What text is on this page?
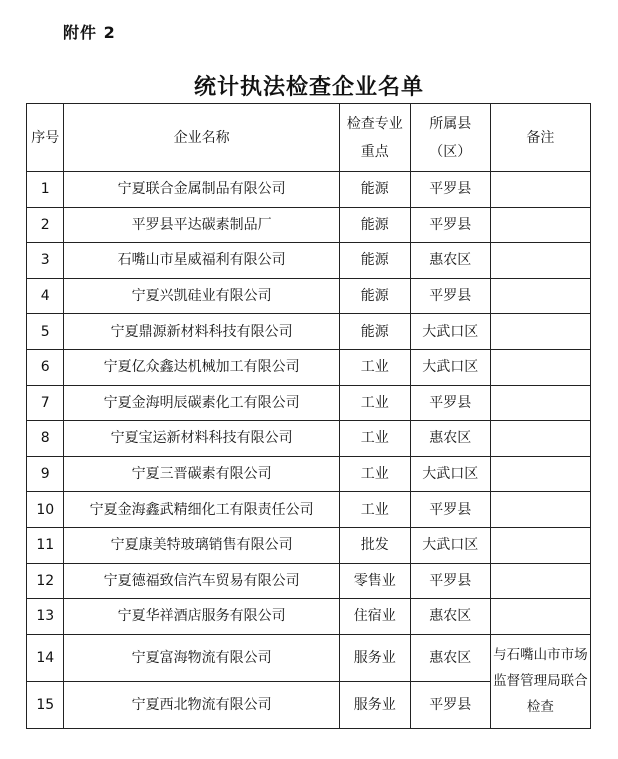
附件 2
统计执法检查企业名单
序号	企业名称	检查专业重点	所属县（区）	备注
1	宁夏联合金属制品有限公司	能源	平罗县	
2	平罗县平达碳素制品厂	能源	平罗县	
3	石嘴山市星威福利有限公司	能源	惠农区	
4	宁夏兴凯硅业有限公司	能源	平罗县	
5	宁夏鼎源新材料科技有限公司	能源	大武口区	
6	宁夏亿众鑫达机械加工有限公司	工业	大武口区	
7	宁夏金海明辰碳素化工有限公司	工业	平罗县	
8	宁夏宝运新材料科技有限公司	工业	惠农区	
9	宁夏三晋碳素有限公司	工业	大武口区	
10	宁夏金海鑫武精细化工有限责任公司	工业	平罗县	
11	宁夏康美特玻璃销售有限公司	批发	大武口区	
12	宁夏德福致信汽车贸易有限公司	零售业	平罗县	
13	宁夏华祥酒店服务有限公司	住宿业	惠农区	
14	宁夏富海物流有限公司	服务业	惠农区	与石嘴山市市场监督管理局联合检查
15	宁夏西北物流有限公司	服务业	平罗县	
